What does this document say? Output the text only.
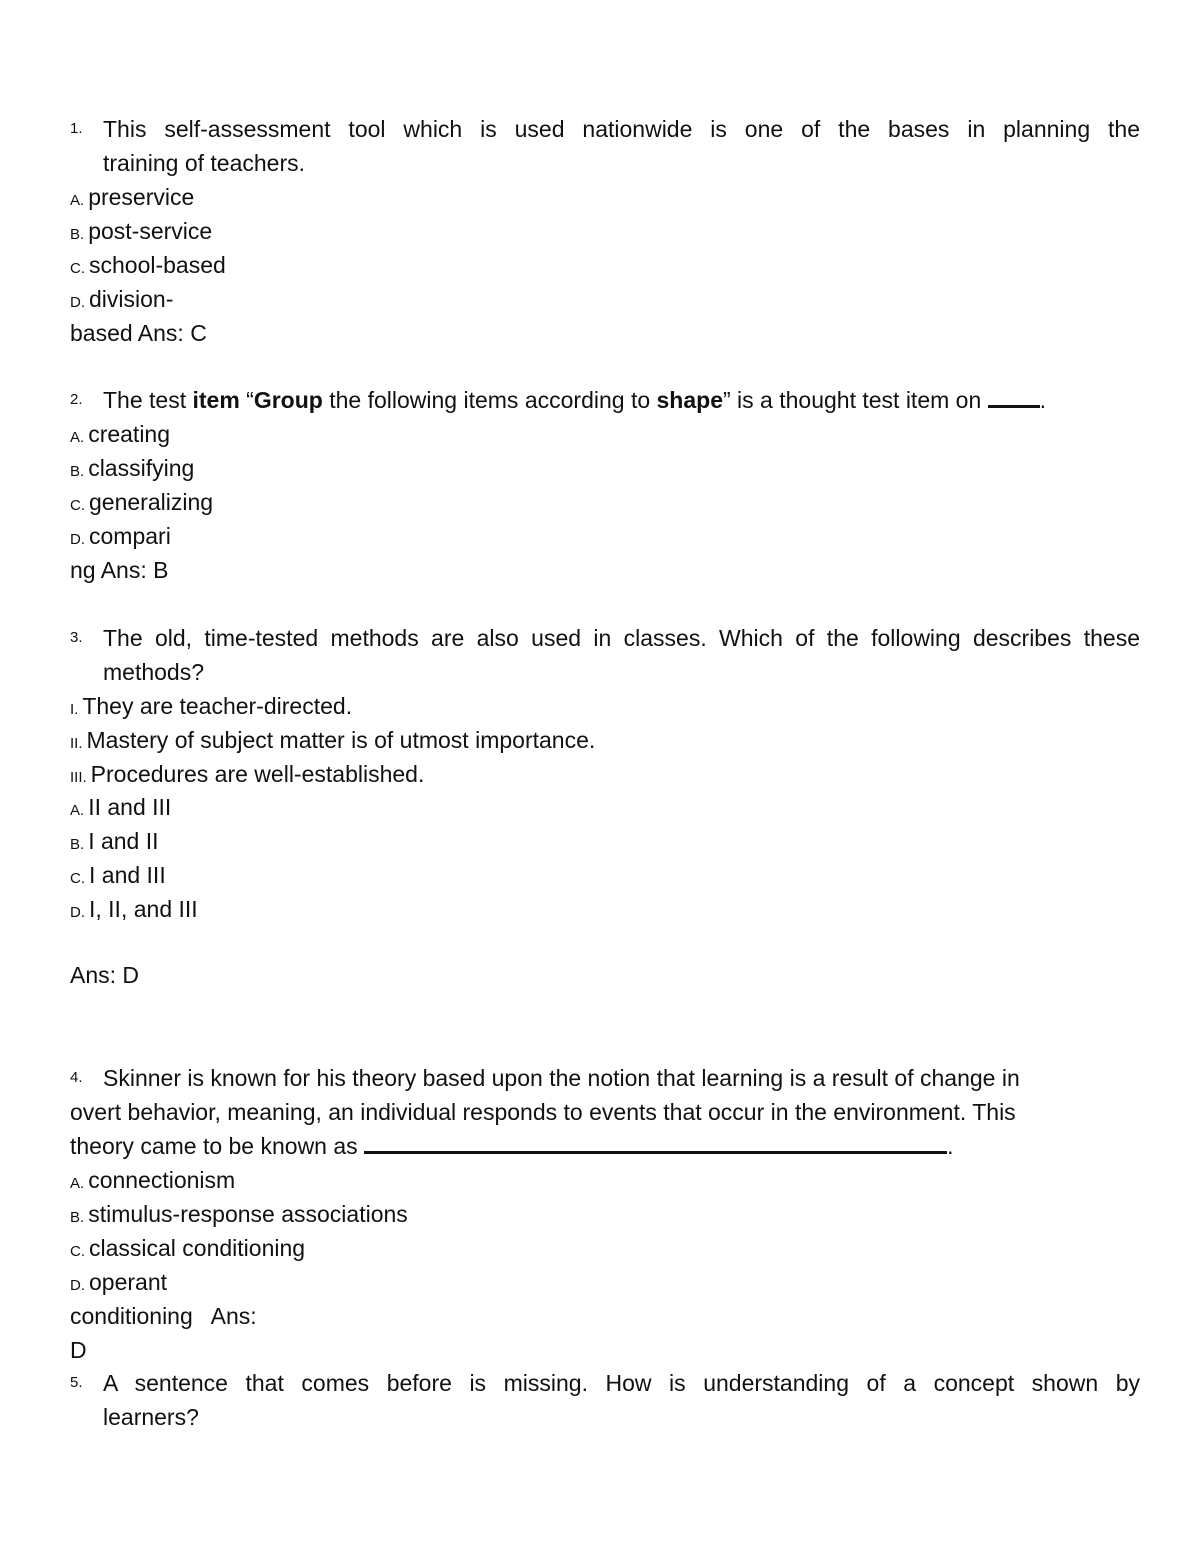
1. This self-assessment tool which is used nationwide is one of the bases in planning the
training of teachers.
A. preservice
B. post-service
C. school-based
D. division-
based Ans: C
2. The test item “Group the following items according to shape” is a thought test item on .
A. creating
B. classifying
C. generalizing
D. compari
ng Ans: B
3. The old, time-tested methods are also used in classes. Which of the following describes these
methods?
I. They are teacher-directed.
II. Mastery of subject matter is of utmost importance.
III. Procedures are well-established.
A. II and III
B. I and II
C. I and III
D. I, II, and III
Ans: D
4. Skinner is known for his theory based upon the notion that learning is a result of change in
overt behavior, meaning, an individual responds to events that occur in the environment. This
theory came to be known as	.
A. connectionism
B. stimulus-response associations
C. classical conditioning
D. operant
conditioning   Ans:
D
5. A sentence that comes before is missing. How is understanding of a concept shown by
learners?
